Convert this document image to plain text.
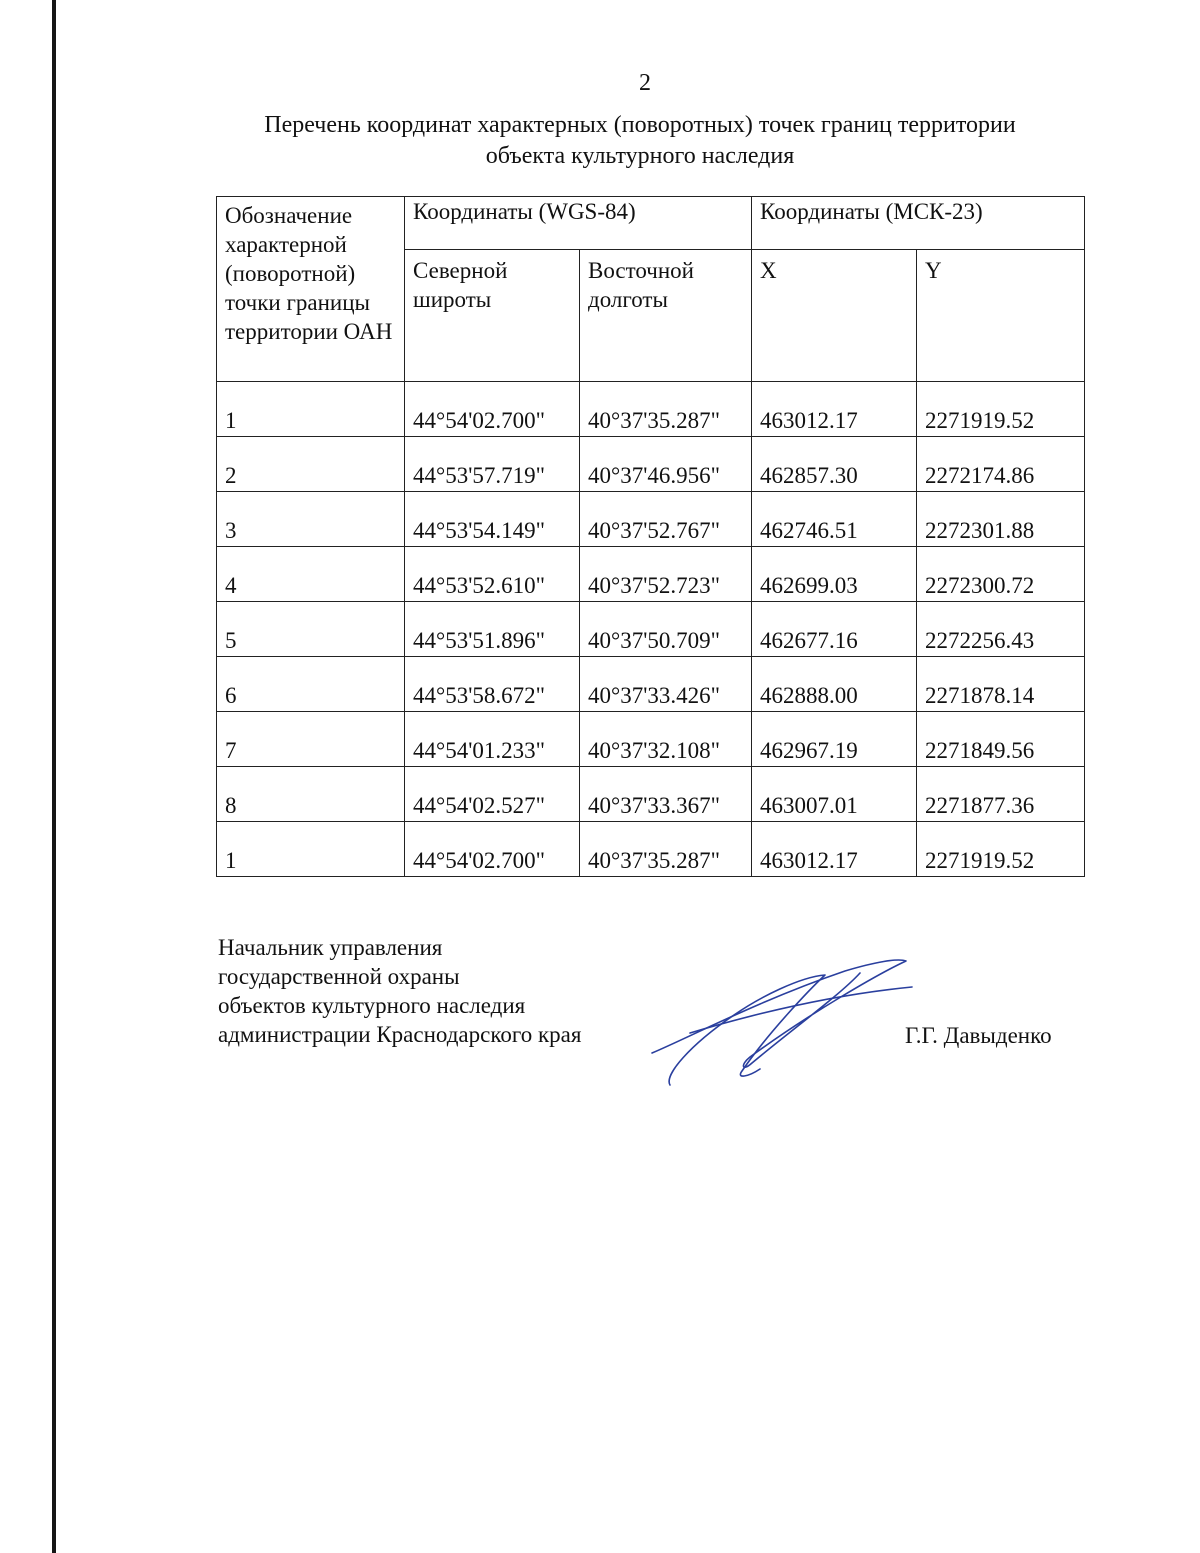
2
Перечень координат характерных (поворотных) точек границ территории
объекта культурного наследия
Обозначение характерной (поворотной) точки границы территории ОАН	Координаты (WGS-84)		Координаты (МСК-23)	
	Северной широты	Восточной долготы	X	Y
1	44°54'02.700"	40°37'35.287"	463012.17	2271919.52
2	44°53'57.719"	40°37'46.956"	462857.30	2272174.86
3	44°53'54.149"	40°37'52.767"	462746.51	2272301.88
4	44°53'52.610"	40°37'52.723"	462699.03	2272300.72
5	44°53'51.896"	40°37'50.709"	462677.16	2272256.43
6	44°53'58.672"	40°37'33.426"	462888.00	2271878.14
7	44°54'01.233"	40°37'32.108"	462967.19	2271849.56
8	44°54'02.527"	40°37'33.367"	463007.01	2271877.36
1	44°54'02.700"	40°37'35.287"	463012.17	2271919.52
Начальник управления
государственной охраны
объектов культурного наследия
администрации Краснодарского края	Г.Г. Давыденко
